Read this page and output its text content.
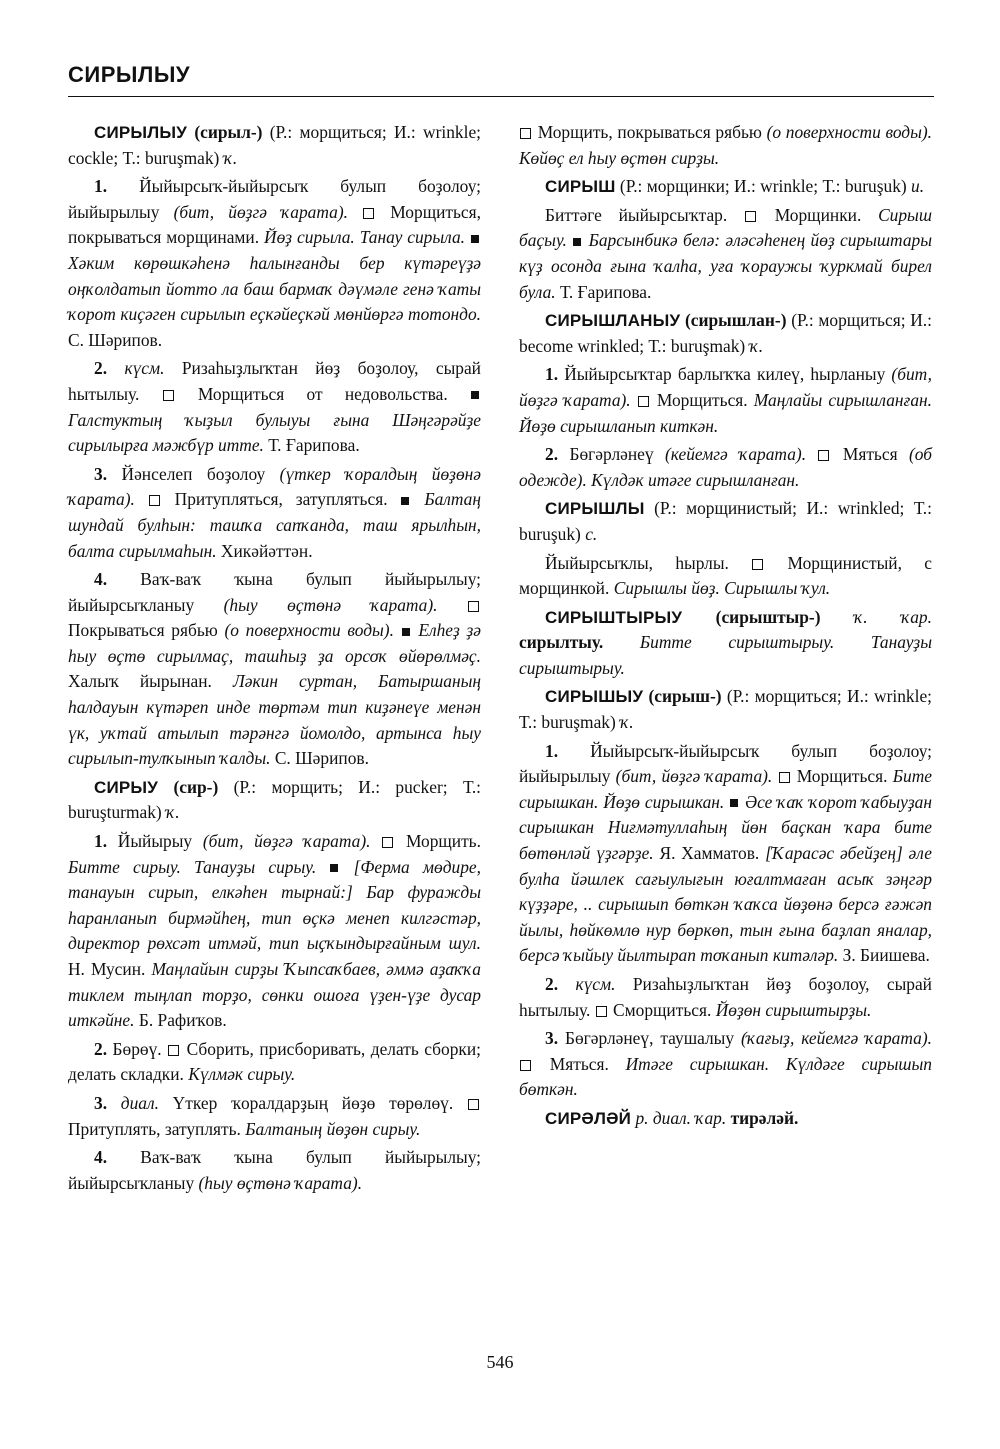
СИРЫЛЫУ

СИРЫЛЫУ (сирыл-) (Р.: морщиться; И.: wrinkle; cockle; Т.: buruşmak) ҡ.

1. Йыйырсыҡ-йыйырсыҡ булып боҙолоу; йыйырылыу (бит, йөҙгә ҡарата). Морщиться, покрываться морщинами. Йөҙ сирыла. Танау сирыла.  Хәким көрөшкәһенә һалынғанды бер күтәреүҙә оңҡолдатып йотто ла баш бармаҡ дәүмәле генә ҡаты ҡорот киҫәген сирылып еҫкәйеҫкәй мөнйөргә тотондо. С. Шәрипов.

2. күсм. Ризаһыҙлыҡтан йөҙ боҙолоу, сырай һытылыу.	Морщиться от недовольства.  Галстуктың ҡыҙыл булыуы ғына Шәңгәрәйҙе сирылырға мәжбүр итте. Т. Ғарипова.

3. Йәнселеп боҙолоу (үткер ҡоралдың йөҙөнә ҡарата). Притупляться, затупляться. Балтаң шундай булһын: ташҡа сапҡанда, таш ярылһын, балта сирылмаһын. Хикәйәттән.

4. Ваҡ-ваҡ ҡына булып йыйырылыу; йыйырсыҡланыу (һыу өҫтөнә ҡарата).  Покрываться рябью (о поверхности воды). Елһеҙ ҙә һыу өҫтө сирылмаҫ, ташһыҙ ҙа орсоҡ өйөрөлмәҫ. Халыҡ йырынан. Ләкин суртан, Батыршаның һалдауын күтәреп инде төртәм тип киҙәнеүе менән үк, уҡтай атылып тәрәнгә йомолдо, артынса һыу сирылып-тулҡынып ҡалды. С. Шәрипов.

СИРЫУ (сир-) (Р.: морщить; И.: pucker; Т.: buruşturmak) ҡ.

1. Йыйырыу (бит, йөҙгә ҡарата). Морщить. Битте сирыу. Танауҙы сирыу. [Ферма мөдире, танауын сирып, елкәһен тырнай:] Бар фуражды һаранланып бирмәйһең, тип өҫкә менеп килгәстәр, директор рөхсәт итмәй, тип ыҫҡындырғайным шул. Н. Мусин. Маңлайын сирҙы Ҡыпсаҡбаев, әммә аҙаҡҡа тиклем тыңлап торҙо, сөнки ошоға үҙен-үҙе дусар иткәйне. Б. Рафиҡов.

2. Бөрөү. Сборить, присборивать, делать сборки; делать складки. Күлмәк сирыу.

3. диал. Үткер ҡоралдарҙың йөҙө төрөлөү.  Притуплять, затуплять. Балтаның йөҙөн сирыу.

4. Ваҡ-ваҡ ҡына булып йыйырылыу; йыйырсыҡланыу (һыу өҫтөнә ҡарата).

Морщить, покрываться рябью (о поверхности воды). Көйөҫ ел һыу өҫтөн сирҙы.

СИРЫШ (Р.: морщинки; И.: wrinkle; Т.: buruşuk) и.

Биттәге йыйырсыҡтар.	Морщинки. Сирыш баҫыу. Барсынбикә белә: әләсәһенең йөҙ сирыштары күҙ осонда ғына ҡалһа, уға ҡораужы ҡуркмай бирел була. Т. Ғарипова.

СИРЫШЛАНЫУ (сирышлан-) (Р.: морщиться; И.: become wrinkled; Т.: buruşmak) ҡ.

1. Йыйырсыҡтар барлыҡҡа килеү, һырланыу (бит, йөҙгә ҡарата). Морщиться. Маңлайы сирышланған. Йөҙө сирышланып киткән.

2. Бөгәрләнеү (кейемгә ҡарата). Мяться (об одежде). Күлдәк итәге сирышланған.

СИРЫШЛЫ (Р.: морщинистый; И.: wrinkled; Т.: buruşuk) с.

Йыйырсыҡлы, һырлы.	Морщинистый, с морщинкой. Сирышлы йөҙ. Сирышлы ҡул.

СИРЫШТЫРЫУ (сирыштыр-) ҡ. ҡар. сирылтыу. Битте сирыштырыу. Танауҙы сирыштырыу.

СИРЫШЫУ (сирыш-) (Р.: морщиться; И.: wrinkle; Т.: buruşmak) ҡ.

1. Йыйырсыҡ-йыйырсыҡ булып боҙолоу; йыйырылыу (бит, йөҙгә ҡарата). Морщиться. Бите сирышкан. Йөҙө сирышкан. Әсе ҡаҡ ҡорот ҡабыуҙан сирышкан Ниғмәтуллаһың йөн баҫкан ҡара бите бөтөнләй үҙгәрҙе. Я. Хамматов. [Ҡарасәс әбейҙең] әле булһа йәшлек сағыулығын юғалтмаған асыҡ зәңгәр күҙҙәре, .. сирышып бөткән ҡаҡса йөҙөнә берсә ғәжәп йылы, һөйкөмлө нур бөркөп, тын ғына баҙлап яналар, берсә ҡыйыу йылтырап тоҡанып китәләр. З. Биишева.

2. күсм. Ризаһыҙлыҡтан йөҙ боҙолоу, сырай һытылыу. Сморщиться. Йөҙөн сирыштырҙы.

3. Бөгәрләнеү, таушалыу (ҡағыҙ, кейемгә ҡарата).  Мяться. Итәге сирышкан. Күлдәге сирышып бөткән.

СИРӘЛӘЙ р. диал. ҡар. тирәләй.

546
